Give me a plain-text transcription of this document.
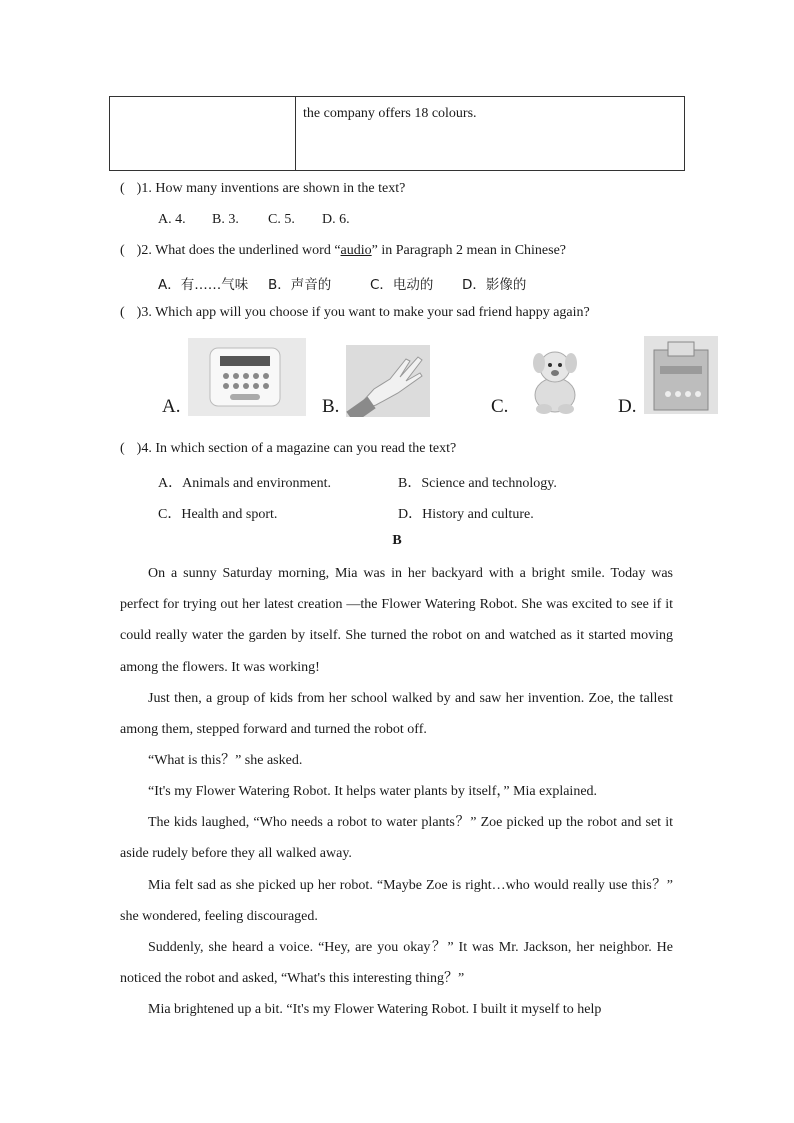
the company offers 18 colours.
( )1. How many inventions are shown in the text?
A. 4. B. 3. C. 5. D. 6.
( )2. What does the underlined word “audio” in Paragraph 2 mean in Chinese?
A．有……气味 B．声音的	C．电动的 D．影像的
( )3. Which app will you choose if you want to make your sad friend happy again?
A.	B.	C.	D.
( )4. In which section of a magazine can you read the text?
A．Animals and environment.	B．Science and technology.
C．Health and sport.	D．History and culture.
B
On a sunny Saturday morning, Mia was in her backyard with a bright smile. Today was perfect for trying out her latest creation —the Flower Watering Robot. She was excited to see if it could really water the garden by itself. She turned the robot on and watched as it started moving among the flowers. It was working!
Just then, a group of kids from her school walked by and saw her invention. Zoe, the tallest among them, stepped forward and turned the robot off.
“What is this？” she asked.
“It's my Flower Watering Robot. It helps water plants by itself，” Mia explained.
The kids laughed, “Who needs a robot to water plants？” Zoe picked up the robot and set it aside rudely before they all walked away.
Mia felt sad as she picked up her robot. “Maybe Zoe is right…who would really use this？” she wondered, feeling discouraged.
Suddenly, she heard a voice. “Hey, are you okay？” It was Mr. Jackson, her neighbor. He noticed the robot and asked, “What's this interesting thing？”
Mia brightened up a bit. “It's my Flower Watering Robot. I built it myself to help
